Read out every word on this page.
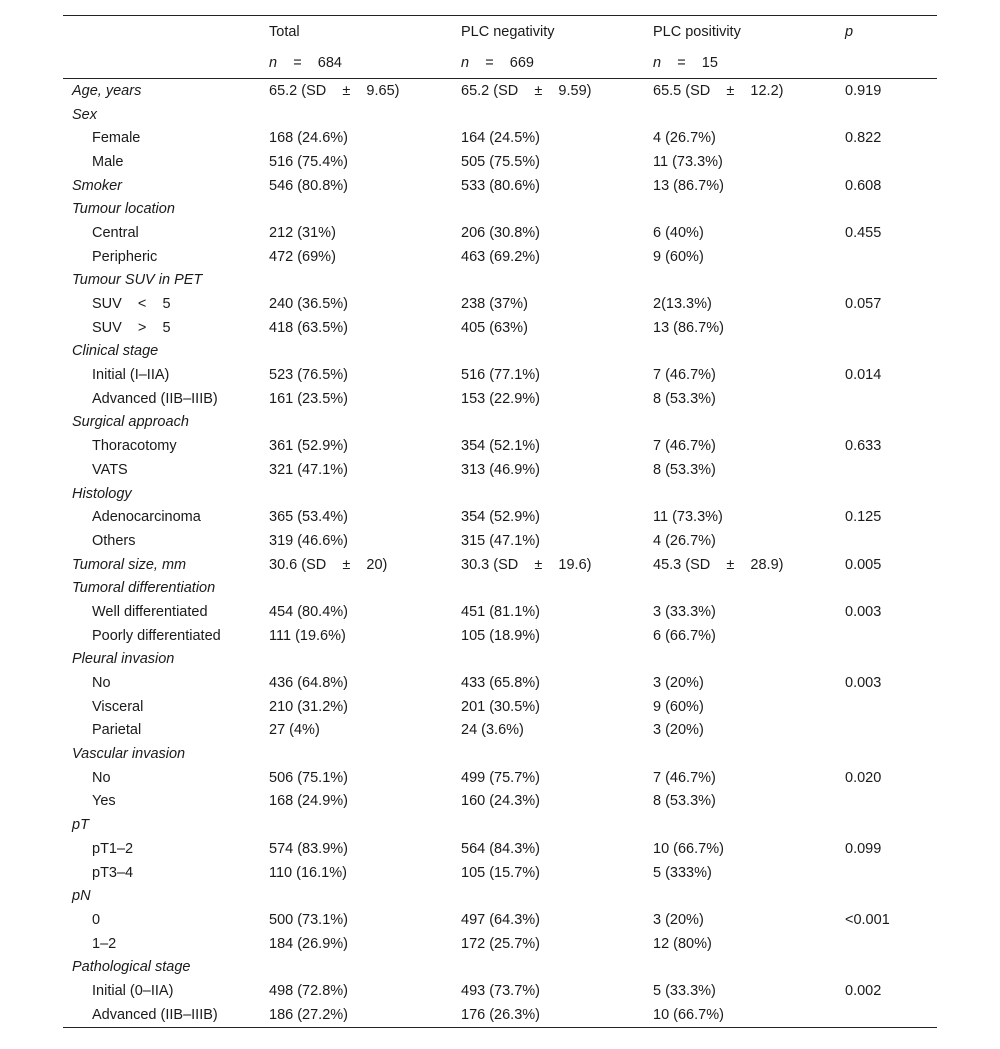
	Total	PLC negativity	PLC positivity	p
	n = 684	n = 669	n = 15	
Age, years	65.2 (SD    ±    9.65)	65.2 (SD    ±    9.59)	65.5 (SD    ±    12.2)	0.919
Sex				
Female	168 (24.6%)	164 (24.5%)	4 (26.7%)	0.822
Male	516 (75.4%)	505 (75.5%)	11 (73.3%)	
Smoker	546 (80.8%)	533 (80.6%)	13 (86.7%)	0.608
Tumour location				
Central	212 (31%)	206 (30.8%)	6 (40%)	0.455
Peripheric	472 (69%)	463 (69.2%)	9 (60%)	
Tumour SUV in PET				
SUV    <    5	240 (36.5%)	238 (37%)	2(13.3%)	0.057
SUV    >    5	418 (63.5%)	405 (63%)	13 (86.7%)	
Clinical stage				
Initial (I–IIA)	523 (76.5%)	516 (77.1%)	7 (46.7%)	0.014
Advanced (IIB–IIIB)	161 (23.5%)	153 (22.9%)	8 (53.3%)	
Surgical approach				
Thoracotomy	361 (52.9%)	354 (52.1%)	7 (46.7%)	0.633
VATS	321 (47.1%)	313 (46.9%)	8 (53.3%)	
Histology				
Adenocarcinoma	365 (53.4%)	354 (52.9%)	11 (73.3%)	0.125
Others	319 (46.6%)	315 (47.1%)	4 (26.7%)	
Tumoral size, mm	30.6 (SD    ±    20)	30.3 (SD    ±    19.6)	45.3 (SD    ±    28.9)	0.005
Tumoral differentiation				
Well differentiated	454 (80.4%)	451 (81.1%)	3 (33.3%)	0.003
Poorly differentiated	111 (19.6%)	105 (18.9%)	6 (66.7%)	
Pleural invasion				
No	436 (64.8%)	433 (65.8%)	3 (20%)	0.003
Visceral	210 (31.2%)	201 (30.5%)	9 (60%)	
Parietal	27 (4%)	24 (3.6%)	3 (20%)	
Vascular invasion				
No	506 (75.1%)	499 (75.7%)	7 (46.7%)	0.020
Yes	168 (24.9%)	160 (24.3%)	8 (53.3%)	
pT				
pT1–2	574 (83.9%)	564 (84.3%)	10 (66.7%)	0.099
pT3–4	110 (16.1%)	105 (15.7%)	5 (333%)	
pN				
0	500 (73.1%)	497 (64.3%)	3 (20%)	<0.001
1–2	184 (26.9%)	172 (25.7%)	12 (80%)	
Pathological stage				
Initial (0–IIA)	498 (72.8%)	493 (73.7%)	5 (33.3%)	0.002
Advanced (IIB–IIIB)	186 (27.2%)	176 (26.3%)	10 (66.7%)	
